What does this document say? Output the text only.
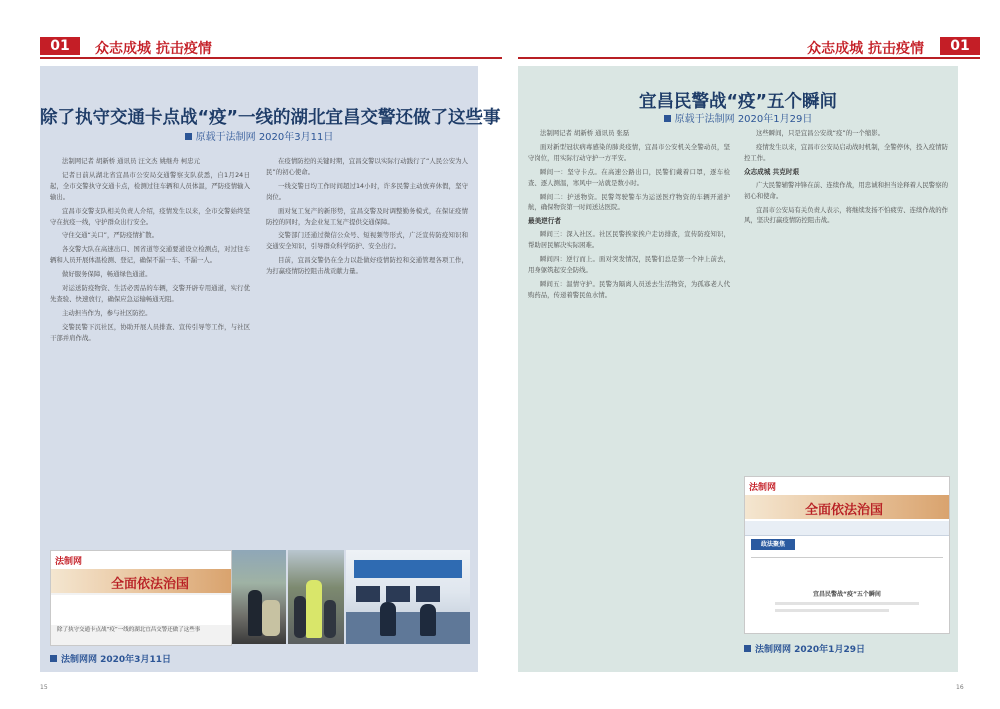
01	众志成城 抗击疫情
除了执守交通卡点战“疫”一线的湖北宜昌交警还做了这些事
原载于法制网 2020年3月11日

法制网记者 胡新桥 通讯员 汪文杰 姚继舟 柯忠元

记者日前从湖北省宜昌市公安局交通警察支队获悉，自1月24日起，全市交警执守交通卡点，检测过往车辆和人员体温，严防疫情输入输出。

宜昌市交警支队相关负责人介绍，疫情发生以来，全市交警始终坚守在抗疫一线，守护群众出行安全。

守住交通“关口”，严防疫情扩散。

各交警大队在高速出口、国省道等交通要道设立检测点，对过往车辆和人员开展体温检测、登记，确保不漏一车、不漏一人。

做好服务保障，畅通绿色通道。

对运送防疫物资、生活必需品的车辆，交警开辟专用通道，实行优先查验、快速放行，确保应急运输畅通无阻。

主动担当作为，参与社区防控。

交警民警下沉社区，协助开展人员排查、宣传引导等工作，与社区干部并肩作战。

在疫情防控的关键时期，宜昌交警以实际行动践行了“人民公安为人民”的初心使命。

一线交警日均工作时间超过14小时，许多民警主动放弃休假，坚守岗位。

面对复工复产的新形势，宜昌交警及时调整勤务模式，在保证疫情防控的同时，为企业复工复产提供交通保障。

交警部门还通过微信公众号、短视频等形式，广泛宣传防疫知识和交通安全知识，引导群众科学防护、安全出行。

目前，宜昌交警仍在全力以赴做好疫情防控和交通管理各项工作，为打赢疫情防控阻击战贡献力量。

法制网
全面依法治国
除了执守交通卡点战“疫”一线的湖北宜昌交警还做了这些事
法制网网 2020年3月11日
15
众志成城 抗击疫情	01
宜昌民警战“疫”五个瞬间
原载于法制网 2020年1月29日

法制网记者 胡新桥 通讯员 张磊

面对新型冠状病毒感染的肺炎疫情，宜昌市公安机关全警动员，坚守岗位，用实际行动守护一方平安。

瞬间一：坚守卡点。在高速公路出口，民警们戴着口罩，逐车检查、逐人测温，寒风中一站就是数小时。

瞬间二：护送物资。民警驾驶警车为运送医疗物资的车辆开道护航，确保物资第一时间送达医院。

最美逆行者

瞬间三：深入社区。社区民警挨家挨户走访排查，宣传防疫知识，帮助居民解决实际困难。

瞬间四：逆行而上。面对突发情况，民警们总是第一个冲上前去，用身躯筑起安全防线。

瞬间五：温情守护。民警为隔离人员送去生活物资，为孤寡老人代购药品，传递着警民鱼水情。

这些瞬间，只是宜昌公安战“疫”的一个缩影。

疫情发生以来，宜昌市公安局启动战时机制，全警停休，投入疫情防控工作。

众志成城 共克时艰

广大民警辅警冲锋在前、连续作战，用忠诚和担当诠释着人民警察的初心和使命。

宜昌市公安局有关负责人表示，将继续发扬不怕疲劳、连续作战的作风，坚决打赢疫情防控阻击战。

法制网
全面依法治国
政法聚焦
宜昌民警战“疫”五个瞬间
法制网网 2020年1月29日
16
